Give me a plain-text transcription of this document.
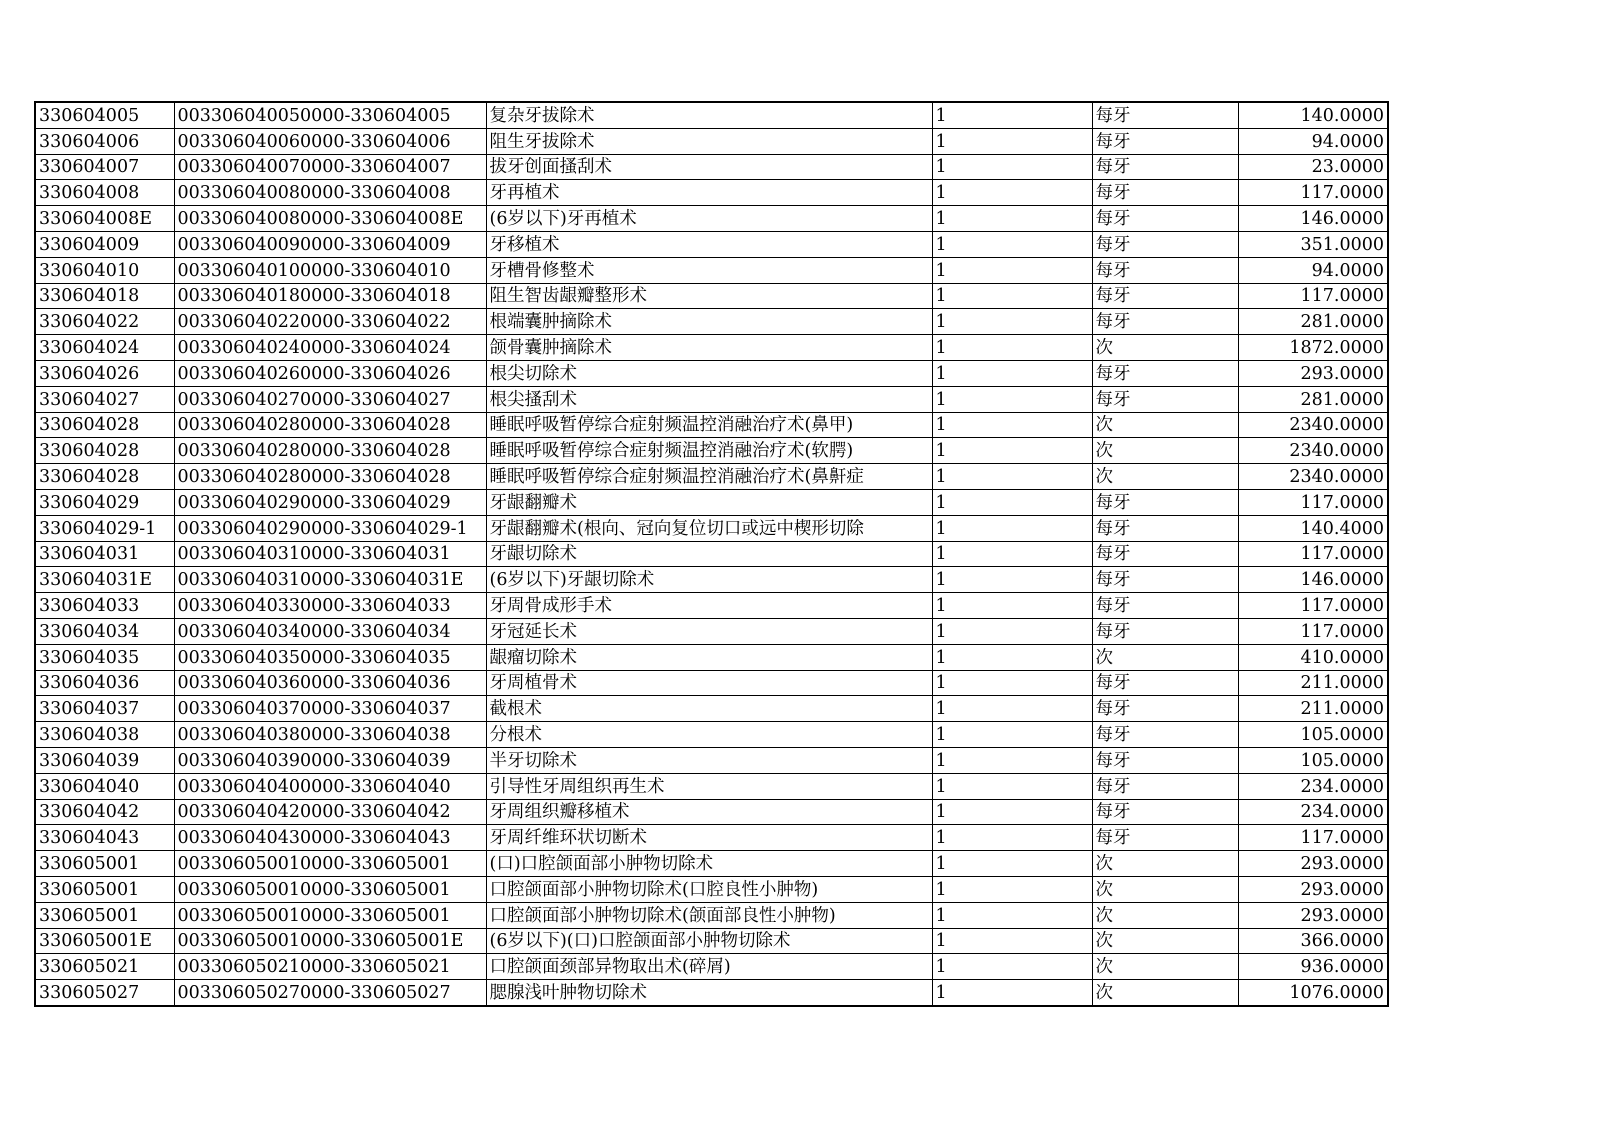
330604005	003306040050000-330604005	复杂牙拔除术	1	每牙	140.0000
330604006	003306040060000-330604006	阻生牙拔除术	1	每牙	94.0000
330604007	003306040070000-330604007	拔牙创面搔刮术	1	每牙	23.0000
330604008	003306040080000-330604008	牙再植术	1	每牙	117.0000
330604008E	003306040080000-330604008E	(6岁以下)牙再植术	1	每牙	146.0000
330604009	003306040090000-330604009	牙移植术	1	每牙	351.0000
330604010	003306040100000-330604010	牙槽骨修整术	1	每牙	94.0000
330604018	003306040180000-330604018	阻生智齿龈瓣整形术	1	每牙	117.0000
330604022	003306040220000-330604022	根端囊肿摘除术	1	每牙	281.0000
330604024	003306040240000-330604024	颌骨囊肿摘除术	1	次	1872.0000
330604026	003306040260000-330604026	根尖切除术	1	每牙	293.0000
330604027	003306040270000-330604027	根尖搔刮术	1	每牙	281.0000
330604028	003306040280000-330604028	睡眠呼吸暂停综合症射频温控消融治疗术(鼻甲)	1	次	2340.0000
330604028	003306040280000-330604028	睡眠呼吸暂停综合症射频温控消融治疗术(软腭)	1	次	2340.0000
330604028	003306040280000-330604028	睡眠呼吸暂停综合症射频温控消融治疗术(鼻鼾症	1	次	2340.0000
330604029	003306040290000-330604029	牙龈翻瓣术	1	每牙	117.0000
330604029-1	003306040290000-330604029-1	牙龈翻瓣术(根向、冠向复位切口或远中楔形切除	1	每牙	140.4000
330604031	003306040310000-330604031	牙龈切除术	1	每牙	117.0000
330604031E	003306040310000-330604031E	(6岁以下)牙龈切除术	1	每牙	146.0000
330604033	003306040330000-330604033	牙周骨成形手术	1	每牙	117.0000
330604034	003306040340000-330604034	牙冠延长术	1	每牙	117.0000
330604035	003306040350000-330604035	龈瘤切除术	1	次	410.0000
330604036	003306040360000-330604036	牙周植骨术	1	每牙	211.0000
330604037	003306040370000-330604037	截根术	1	每牙	211.0000
330604038	003306040380000-330604038	分根术	1	每牙	105.0000
330604039	003306040390000-330604039	半牙切除术	1	每牙	105.0000
330604040	003306040400000-330604040	引导性牙周组织再生术	1	每牙	234.0000
330604042	003306040420000-330604042	牙周组织瓣移植术	1	每牙	234.0000
330604043	003306040430000-330604043	牙周纤维环状切断术	1	每牙	117.0000
330605001	003306050010000-330605001	(口)口腔颌面部小肿物切除术	1	次	293.0000
330605001	003306050010000-330605001	口腔颌面部小肿物切除术(口腔良性小肿物)	1	次	293.0000
330605001	003306050010000-330605001	口腔颌面部小肿物切除术(颌面部良性小肿物)	1	次	293.0000
330605001E	003306050010000-330605001E	(6岁以下)(口)口腔颌面部小肿物切除术	1	次	366.0000
330605021	003306050210000-330605021	口腔颌面颈部异物取出术(碎屑)	1	次	936.0000
330605027	003306050270000-330605027	腮腺浅叶肿物切除术	1	次	1076.0000
